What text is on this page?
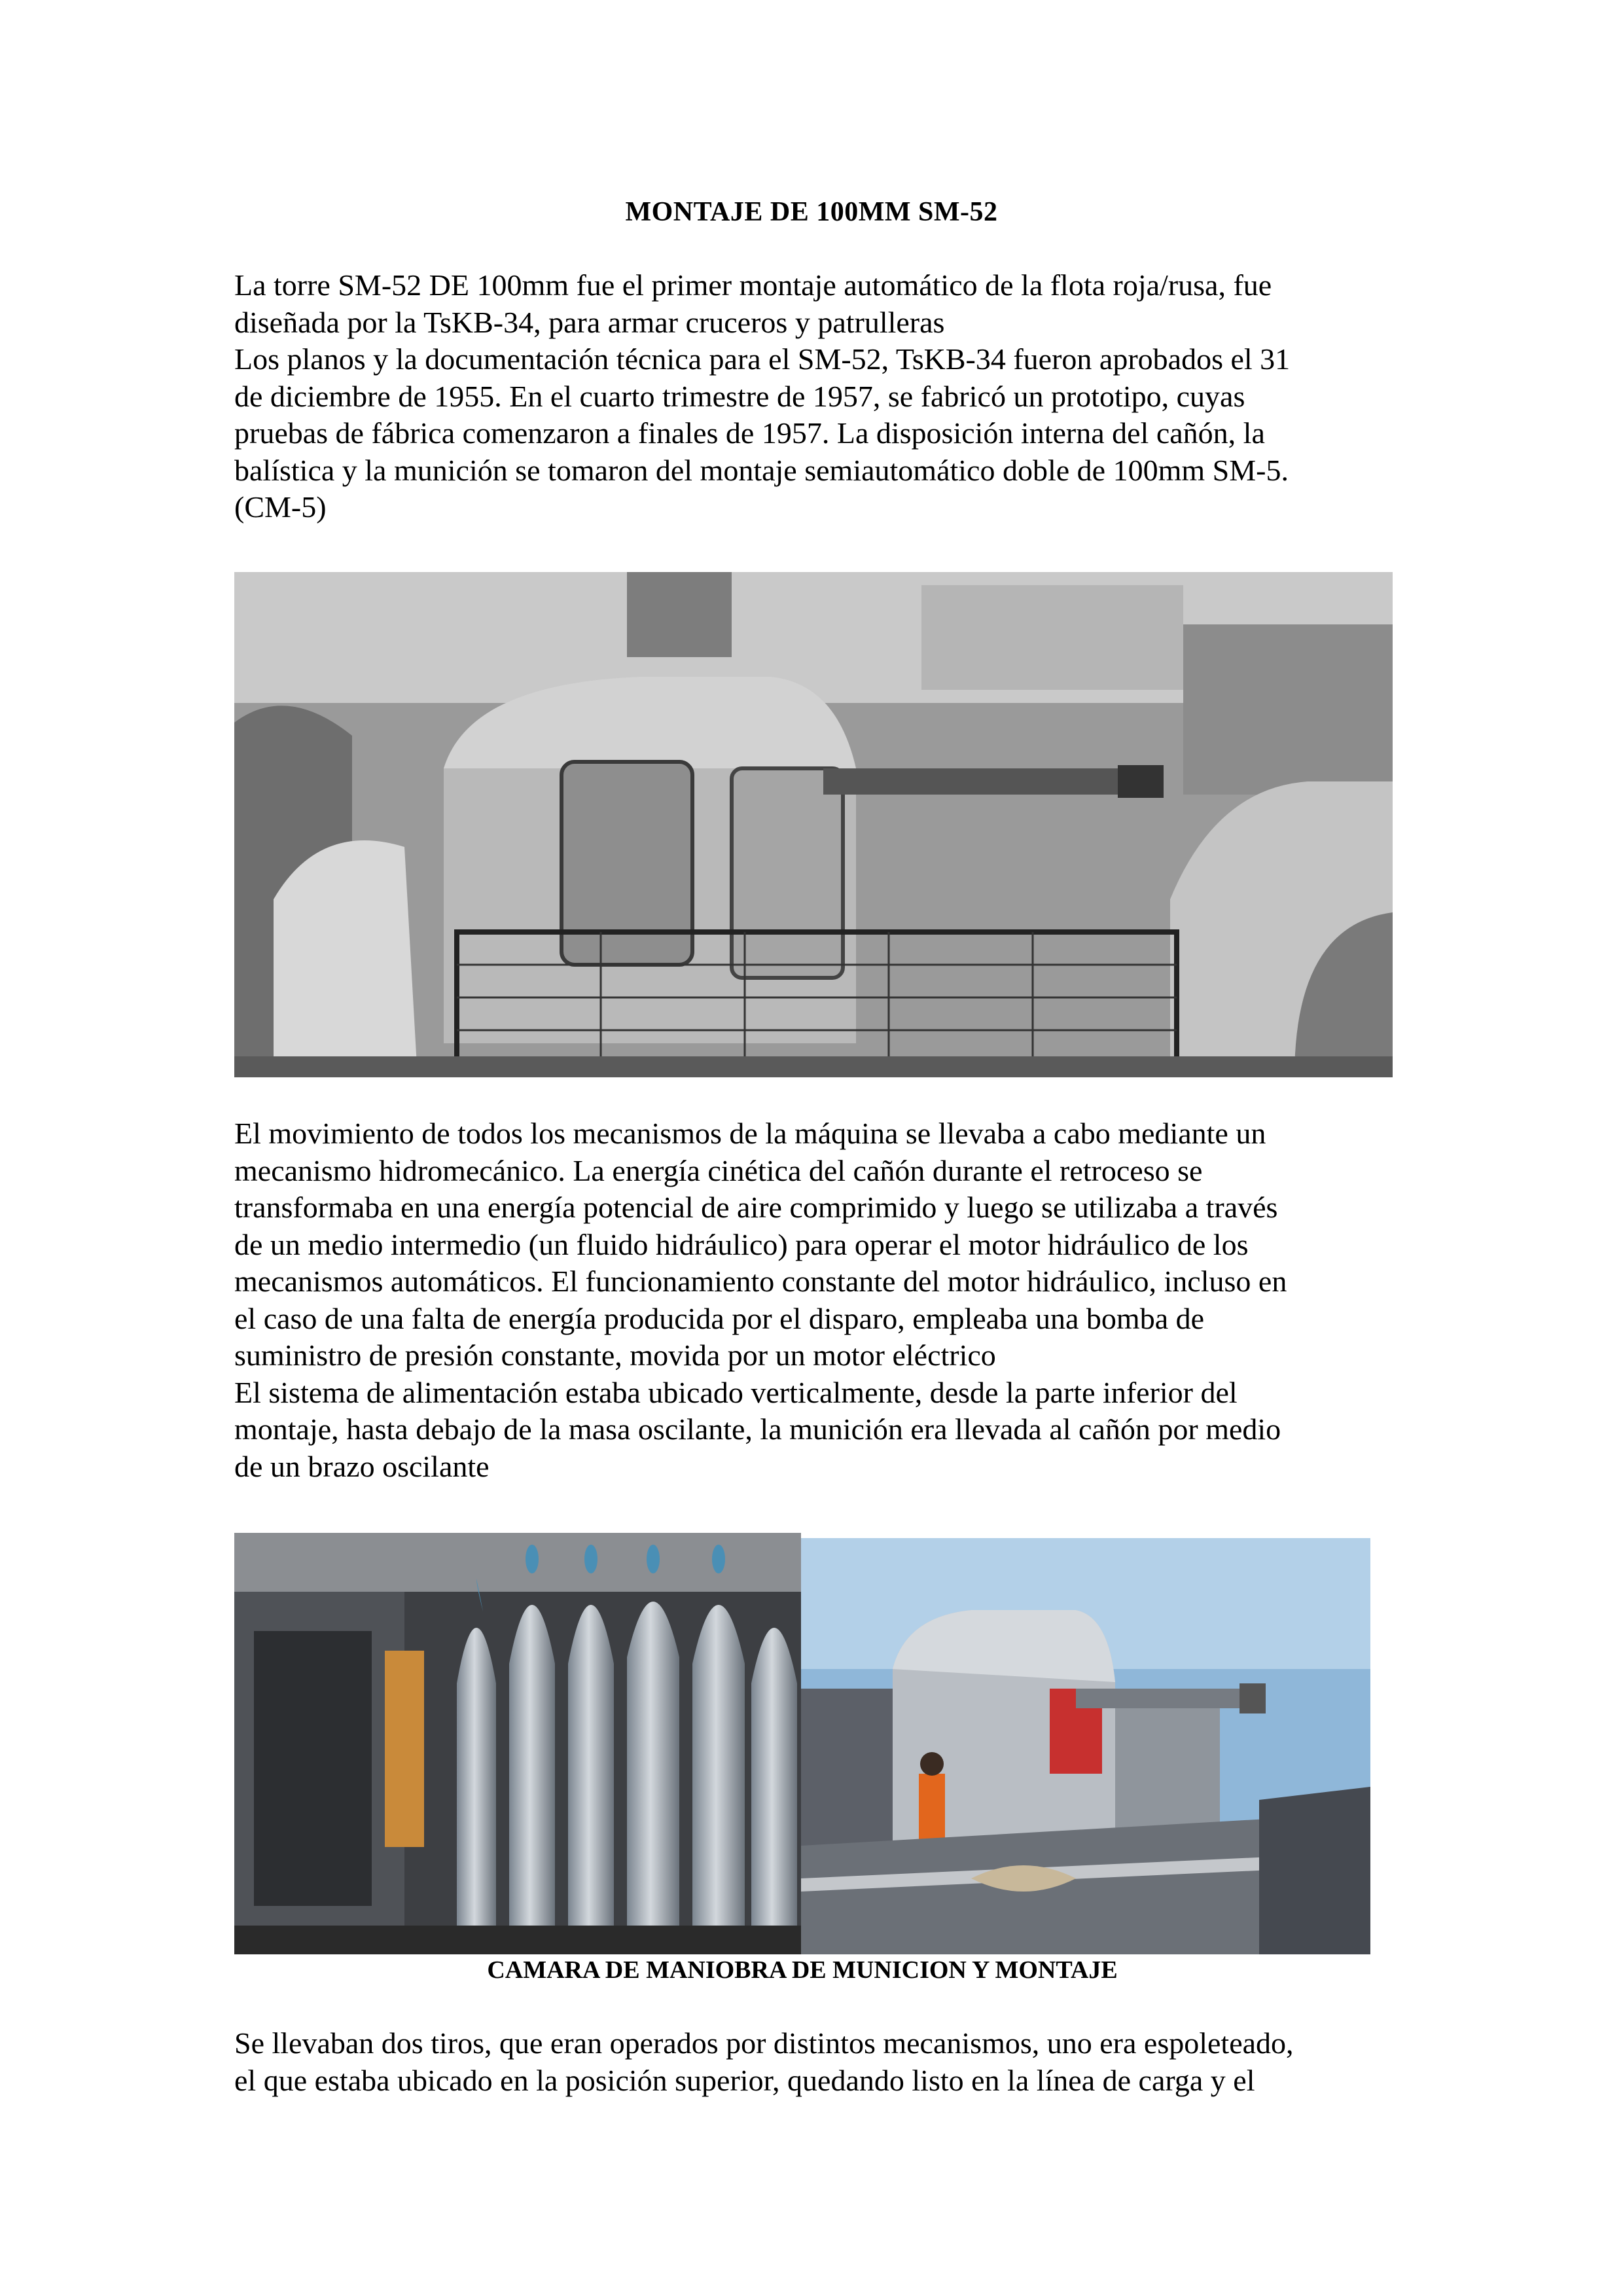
MONTAJE DE 100MM SM-52
La torre SM-52 DE 100mm fue el primer montaje automático de la flota roja/rusa, fue
diseñada por la TsKB-34, para armar cruceros y patrulleras
Los planos y la documentación técnica para el SM-52, TsKB-34 fueron aprobados el 31
de diciembre de 1955. En el cuarto trimestre de 1957, se fabricó un prototipo, cuyas
pruebas de fábrica comenzaron a finales de 1957. La disposición interna del cañón, la
balística y la munición se tomaron del montaje semiautomático doble de 100mm SM-5.
(CM-5)
El movimiento de todos los mecanismos de la máquina se llevaba a cabo mediante un
mecanismo hidromecánico. La energía cinética del cañón durante el retroceso se
transformaba en una energía potencial de aire comprimido y luego se utilizaba a través
de un medio intermedio (un fluido hidráulico) para operar el motor hidráulico de los
mecanismos automáticos. El funcionamiento constante del motor hidráulico, incluso en
el caso de una falta de energía producida por el disparo, empleaba una bomba de
suministro de presión constante, movida por un motor eléctrico
El sistema de alimentación estaba ubicado verticalmente, desde la parte inferior del
montaje, hasta debajo de la masa oscilante, la munición era llevada al cañón por medio
de un brazo oscilante
CAMARA DE MANIOBRA DE MUNICION Y MONTAJE
Se llevaban dos tiros, que eran operados por distintos mecanismos, uno era espoleteado,
el que estaba ubicado en la posición superior, quedando listo en la línea de carga y el
